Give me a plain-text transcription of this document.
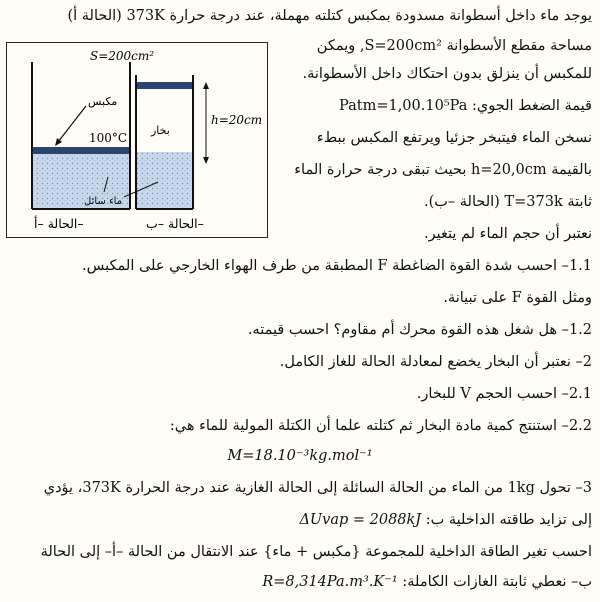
S=200cm²
مكبس
بخار
100°C
ماء سائل
h=20cm
الحالة –أ–	الحالة –ب–
يوجد ماء داخل أسطوانة مسدودة بمكبس كتلته مهملة، عند درجة حرارة 373K (الحالة أ)
مساحة مقطع الأسطوانة S=200cm², ويمكن
للمكبس أن ينزلق بدون احتكاك داخل الأسطوانة.
قيمة الضغط الجوي: Patm=1,00.10⁵Pa
نسخن الماء فيتبخر جزئيا ويرتفع المكبس ببطء
بالقيمة h=20,0cm بحيث تبقى درجة حرارة الماء
ثابتة T=373k (الحالة –ب).
نعتبر أن حجم الماء لم يتغير.
1.1– احسب شدة القوة الضاغطة F المطبقة من طرف الهواء الخارجي على المكبس.
ومثل القوة F على تبيانة.
1.2– هل شغل هذه القوة محرك أم مقاوم؟ احسب قيمته.
2– نعتبر أن البخار يخضع لمعادلة الحالة للغاز الكامل.
2.1– احسب الحجم V للبخار.
2.2– استنتج كمية مادة البخار ثم كتلته علما أن الكتلة المولية للماء هي:
M=18.10⁻³kg.mol⁻¹
3– تحول 1kg من الماء من الحالة السائلة إلى الحالة الغازية عند درجة الحرارة 373K، يؤدي
إلى تزايد طاقته الداخلية ب: ΔUvap = 2088kJ
احسب تغير الطاقة الداخلية للمجموعة {مكبس + ماء} عند الانتقال من الحالة –أ– إلى الحالة
ب– نعطي ثابتة الغازات الكاملة: R=8,314Pa.m³.K⁻¹
